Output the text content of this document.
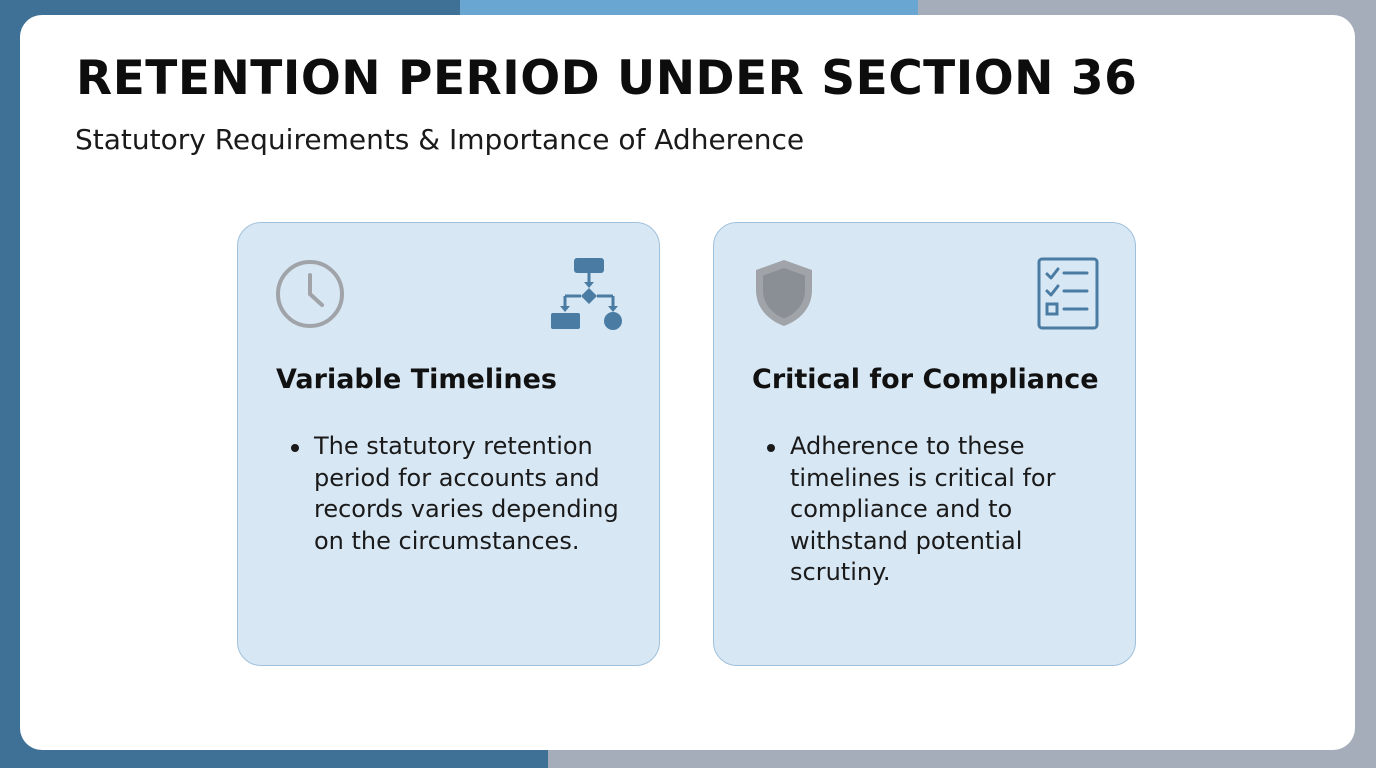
RETENTION PERIOD UNDER SECTION 36

Statutory Requirements & Importance of Adherence

Variable Timelines
The statutory retention period for accounts and records varies depending on the circumstances.
Critical for Compliance
Adherence to these timelines is critical for compliance and to withstand potential scrutiny.
